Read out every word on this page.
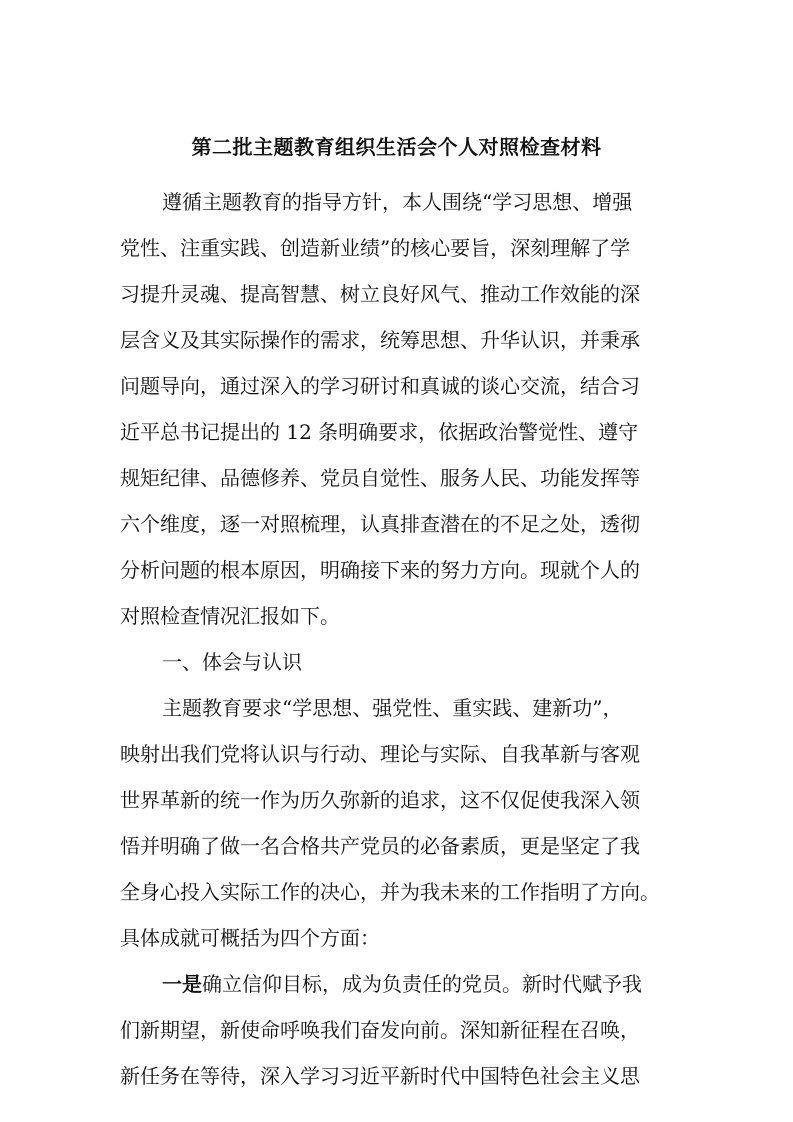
第二批主题教育组织生活会个人对照检查材料

遵循主题教育的指导方针，本人围绕“学习思想、增强

党性、注重实践、创造新业绩”的核心要旨，深刻理解了学

习提升灵魂、提高智慧、树立良好风气、推动工作效能的深

层含义及其实际操作的需求，统筹思想、升华认识，并秉承

问题导向，通过深入的学习研讨和真诚的谈心交流，结合习

近平总书记提出的 12 条明确要求，依据政治警觉性、遵守

规矩纪律、品德修养、党员自觉性、服务人民、功能发挥等

六个维度，逐一对照梳理，认真排查潜在的不足之处，透彻

分析问题的根本原因，明确接下来的努力方向。现就个人的

对照检查情况汇报如下。

一、体会与认识

主题教育要求“学思想、强党性、重实践、建新功”，

映射出我们党将认识与行动、理论与实际、自我革新与客观

世界革新的统一作为历久弥新的追求，这不仅促使我深入领

悟并明确了做一名合格共产党员的必备素质，更是坚定了我

全身心投入实际工作的决心，并为我未来的工作指明了方向。

具体成就可概括为四个方面：

一是确立信仰目标，成为负责任的党员。新时代赋予我

们新期望，新使命呼唤我们奋发向前。深知新征程在召唤，

新任务在等待，深入学习习近平新时代中国特色社会主义思
